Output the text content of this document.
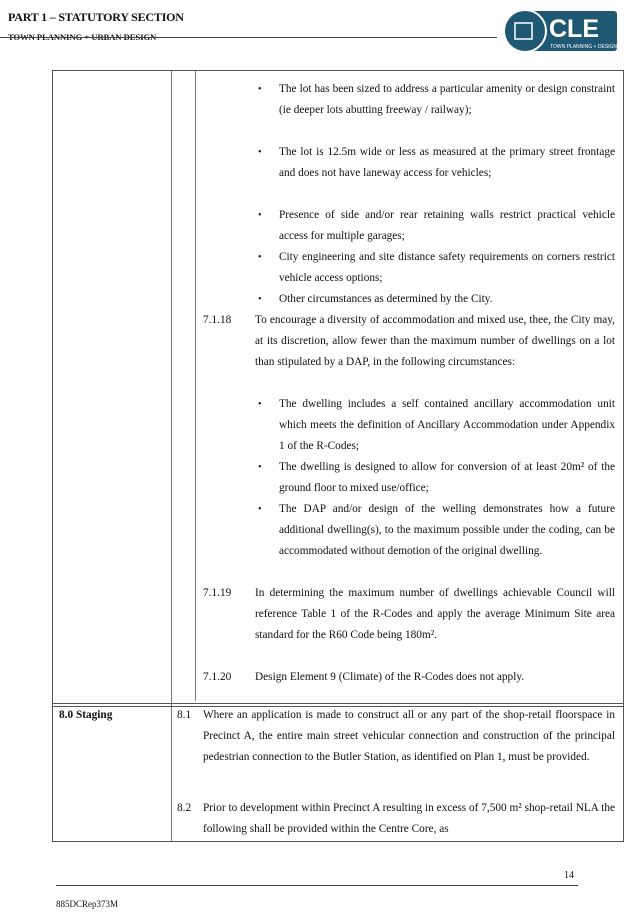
PART 1 – STATUTORY SECTION
TOWN PLANNING + URBAN DESIGN	CLE
TOWN PLANNING + DESIGN
• The lot has been sized to address a particular amenity or design constraint (ie deeper lots abutting freeway / railway);
• The lot is 12.5m wide or less as measured at the primary street frontage and does not have laneway access for vehicles;
• Presence of side and/or rear retaining walls restrict practical vehicle access for multiple garages;
• City engineering and site distance safety requirements on corners restrict vehicle access options;
• Other circumstances as determined by the City.
7.1.18 To encourage a diversity of accommodation and mixed use, thee, the City may, at its discretion, allow fewer than the maximum number of dwellings on a lot than stipulated by a DAP, in the following circumstances:
• The dwelling includes a self contained ancillary accommodation unit which meets the definition of Ancillary Accommodation under Appendix 1 of the R-Codes;
• The dwelling is designed to allow for conversion of at least 20m² of the ground floor to mixed use/office;
• The DAP and/or design of the welling demonstrates how a future additional dwelling(s), to the maximum possible under the coding, can be accommodated without demotion of the original dwelling.
7.1.19 In determining the maximum number of dwellings achievable Council will reference Table 1 of the R-Codes and apply the average Minimum Site area standard for the R60 Code being 180m².
7.1.20 Design Element 9 (Climate) of the R-Codes does not apply.
8.0 Staging	8.1 Where an application is made to construct all or any part of the shop-retail floorspace in Precinct A, the entire main street vehicular connection and construction of the principal pedestrian connection to the Butler Station, as identified on Plan 1, must be provided.
8.2 Prior to development within Precinct A resulting in excess of 7,500 m² shop-retail NLA the following shall be provided within the Centre Core, as
14
885DCRep373M
